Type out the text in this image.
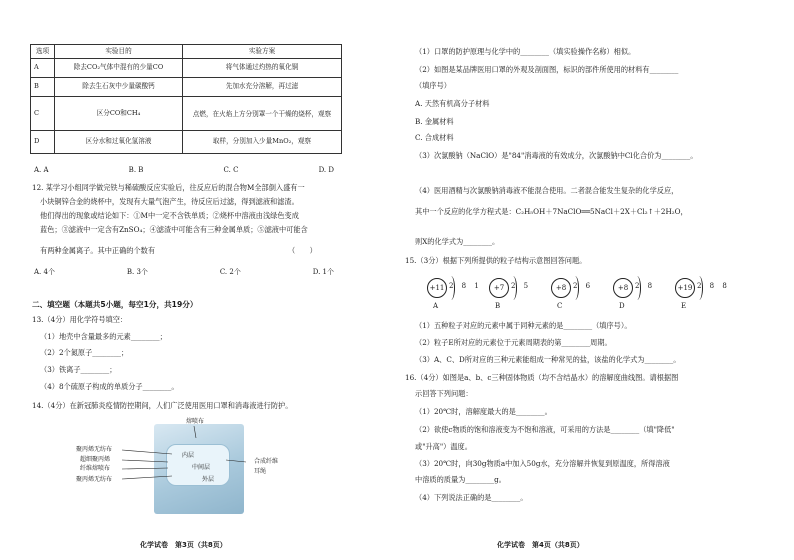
选项	实验目的	实验方案
A	除去CO₂气体中混有的少量CO	将气体通过灼热的氧化铜
B	除去生石灰中少量碳酸钙	先加水充分溶解，再过滤
C	区分CO和CH₄	点燃，在火焰上方分别罩一个干燥的烧杯，观察
D	区分水和过氧化氢溶液	取样，分别加入少量MnO₂，观察
A. A	B. B	C. C	D. D
12. 某学习小组同学做完铁与稀硫酸反应实验后，往反应后的混合物M全部倒入盛有一
小块铜锌合金的烧杯中，发现有大量气泡产生，待反应后过滤，得到滤液和滤渣。
他们得出的现象或结论如下：①M中一定不含铁单质；②烧杯中溶液由浅绿色变成
蓝色；③滤液中一定含有ZnSO₄；④滤渣中可能含有三种金属单质；⑤滤液中可能含
有两种金属离子。其中正确的个数有	（　　）
A. 4个	B. 3个	C. 2个	D. 1个
二、填空题（本题共5小题，每空1分，共19分）
13.（4分）用化学符号填空：
（1）地壳中含量最多的元素________；
（2）2个氮原子________；
（3）铁离子________；
（4）8个硫原子构成的单质分子________。
14.（4分）在新冠肺炎疫情防控期间，人们广泛使用医用口罩和消毒液进行防护。
熔喷布
聚丙烯无纺布
超细聚丙烯
纤维熔喷布
聚丙烯无纺布
内层
中间层
外层
合成纤维
耳绳
化学试卷　第3页（共8页）
（1）口罩的防护原理与化学中的________（填实验操作名称）相似。
（2）如图是某品牌医用口罩的外观及剖面图，标识的部件所使用的材料有________
（填序号）
A. 天然有机高分子材料
B. 金属材料
C. 合成材料
（3）次氯酸钠（NaClO）是"84"消毒液的有效成分，次氯酸钠中Cl化合价为________。
（4）医用酒精与次氯酸钠消毒液不能混合使用。二者混合能发生复杂的化学反应，
其中一个反应的化学方程式是：C₂H₅OH＋7NaClO══5NaCl＋2X＋Cl₂↑＋2H₂O，
则X的化学式为________。
15.（3分）根据下列所提供的粒子结构示意图回答问题。
+11 2 8 1
A
+7 2 5
B
+8 2 6
C
+8 2 8
D
+19 2 8 8
E
（1）五种粒子对应的元素中属于同种元素的是________（填序号）。
（2）粒子E所对应的元素位于元素周期表的第________周期。
（3）A、C、D所对应的三种元素能组成一种常见的盐，该盐的化学式为________。
16.（4分）如图是a、b、c三种固体物质（均不含结晶水）的溶解度曲线图。请根据图
示回答下列问题：
（1）20℃时，溶解度最大的是________。
（2）欲使c物质的饱和溶液变为不饱和溶液，可采用的方法是________（填"降低"
或"升高"）温度。
（3）20℃时，向30g物质a中加入50g水，充分溶解并恢复到原温度，所得溶液
中溶质的质量为________g。
（4）下列说法正确的是________。
化学试卷　第4页（共8页）
